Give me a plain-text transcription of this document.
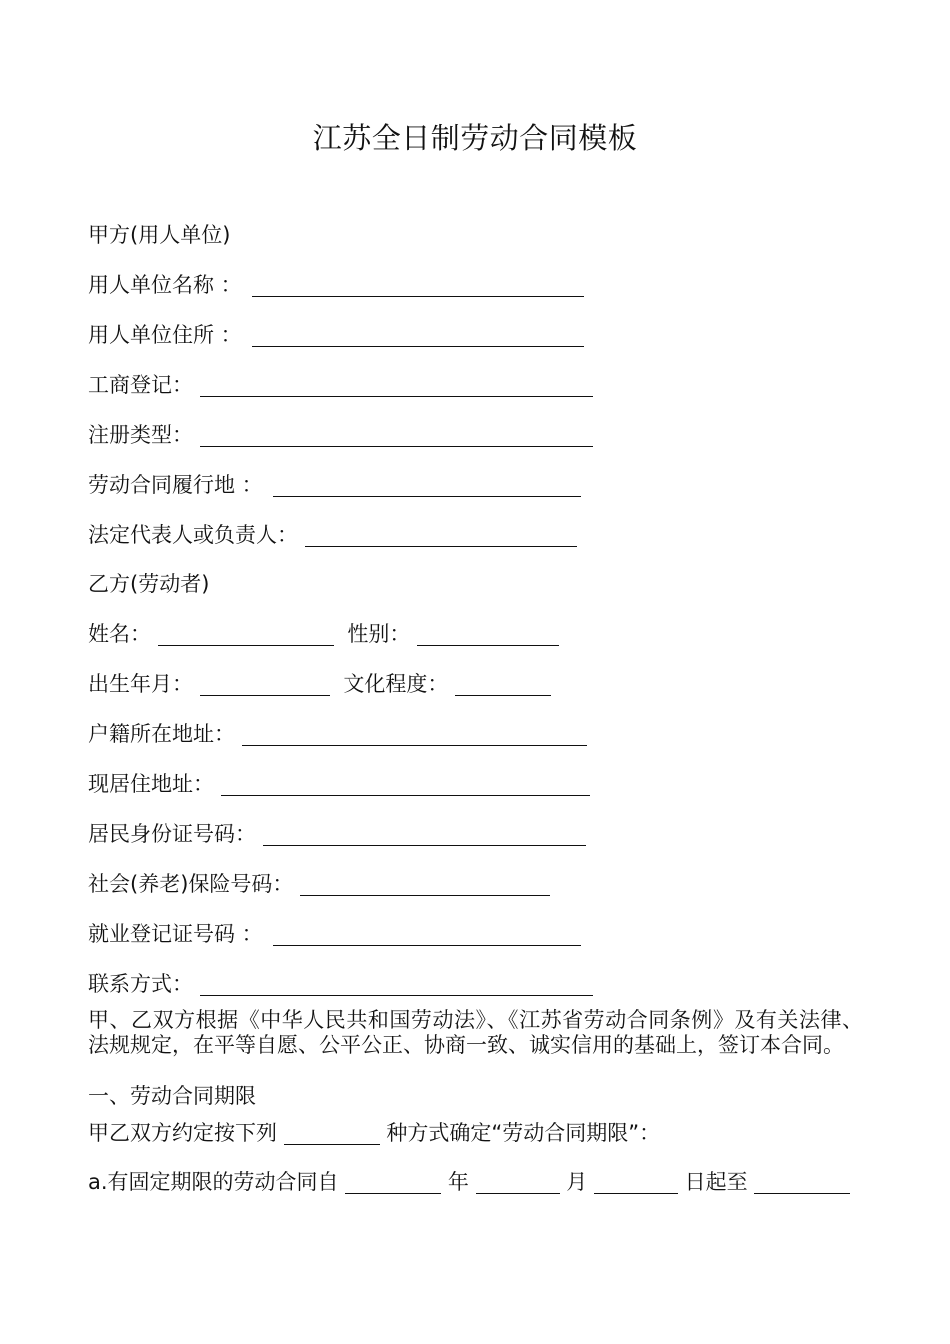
江苏全日制劳动合同模板
甲方(用人单位)
用人单位名称 ：
用人单位住所 ：
工商登记：
注册类型：
劳动合同履行地 ：
法定代表人或负责人：
乙方(劳动者)
姓名：	性别：
出生年月：	文化程度：
户籍所在地址：
现居住地址：
居民身份证号码：
社会(养老)保险号码：
就业登记证号码 ：
联系方式：
甲、乙双方根据《中华人民共和国劳动法》、《江苏省劳动合同条例》及有关法律、法规规定，在平等自愿、公平公正、协商一致、诚实信用的基础上，签订本合同。
一、劳动合同期限
甲乙双方约定按下列	种方式确定“劳动合同期限”：
a.有固定期限的劳动合同自	年	月	日起至
